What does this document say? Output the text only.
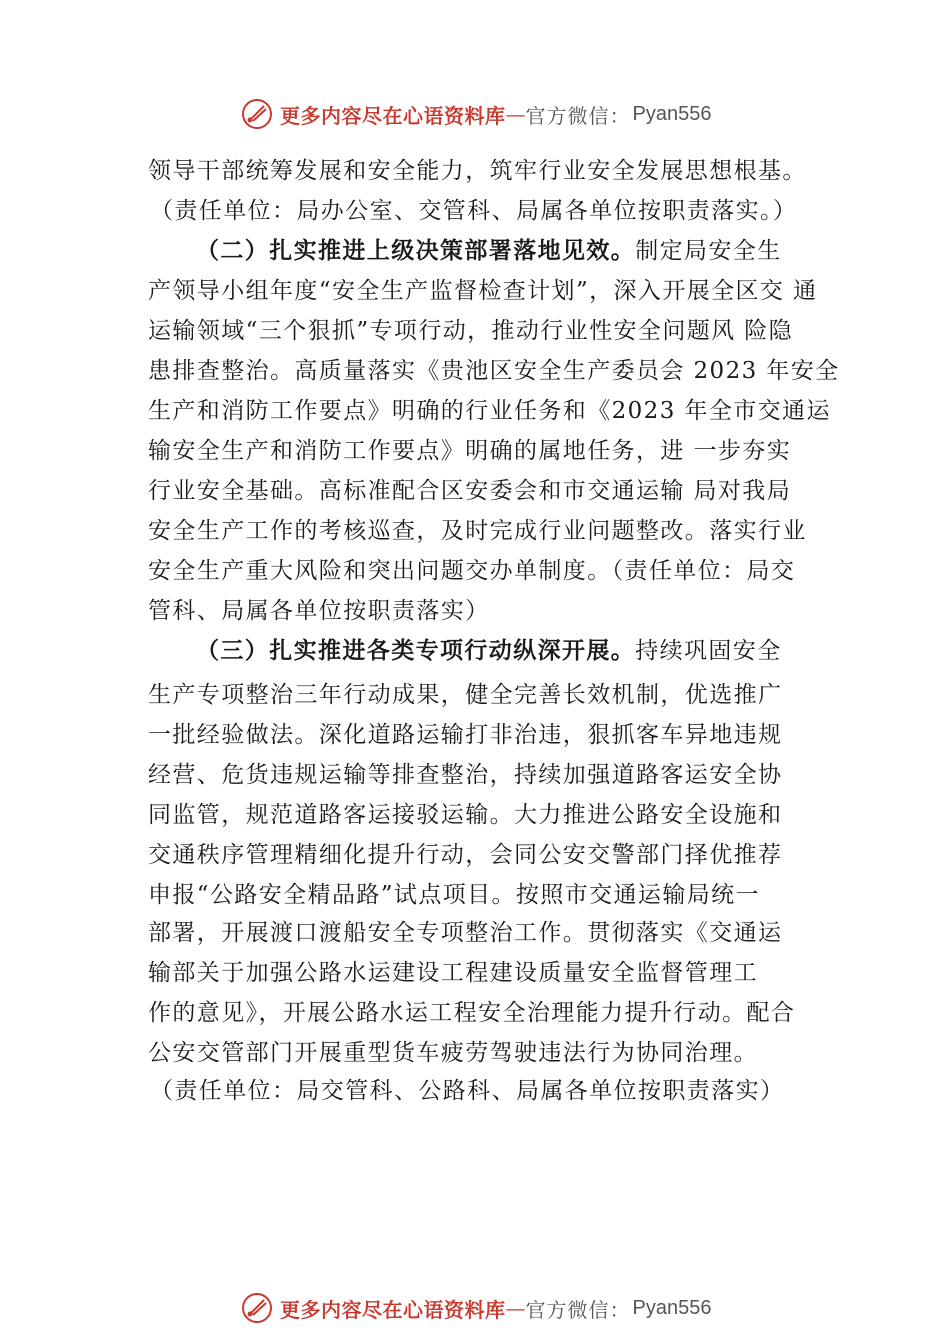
更多内容尽在心语资料库 — 官方微信： Pyan556
领导干部统筹发展和安全能力，筑牢行业安全发展思想根基。
（责任单位：局办公室、交管科、局属各单位按职责落实。）
（二）扎实推进上级决策部署落地见效。制定局安全生
产领导小组年度“安全生产监督检查计划”，深入开展全区交 通
运输领域“三个狠抓”专项行动，推动行业性安全问题风 险隐
患排查整治。高质量落实《贵池区安全生产委员会 2023 年安全
生产和消防工作要点》明确的行业任务和《2023 年全市交通运
输安全生产和消防工作要点》明确的属地任务，进 一步夯实
行业安全基础。高标准配合区安委会和市交通运输 局对我局
安全生产工作的考核巡查，及时完成行业问题整改。落实行业
安全生产重大风险和突出问题交办单制度。（责任单位：局交
管科、局属各单位按职责落实）
（三）扎实推进各类专项行动纵深开展。持续巩固安全
生产专项整治三年行动成果，健全完善长效机制，优选推广
一批经验做法。深化道路运输打非治违，狠抓客车异地违规
经营、危货违规运输等排查整治，持续加强道路客运安全协
同监管，规范道路客运接驳运输。大力推进公路安全设施和
交通秩序管理精细化提升行动，会同公安交警部门择优推荐
申报“公路安全精品路”试点项目。按照市交通运输局统一
部署，开展渡口渡船安全专项整治工作。贯彻落实《交通运
输部关于加强公路水运建设工程建设质量安全监督管理工
作的意见》，开展公路水运工程安全治理能力提升行动。配合
公安交管部门开展重型货车疲劳驾驶违法行为协同治理。
（责任单位：局交管科、公路科、局属各单位按职责落实）
更多内容尽在心语资料库 — 官方微信： Pyan556
